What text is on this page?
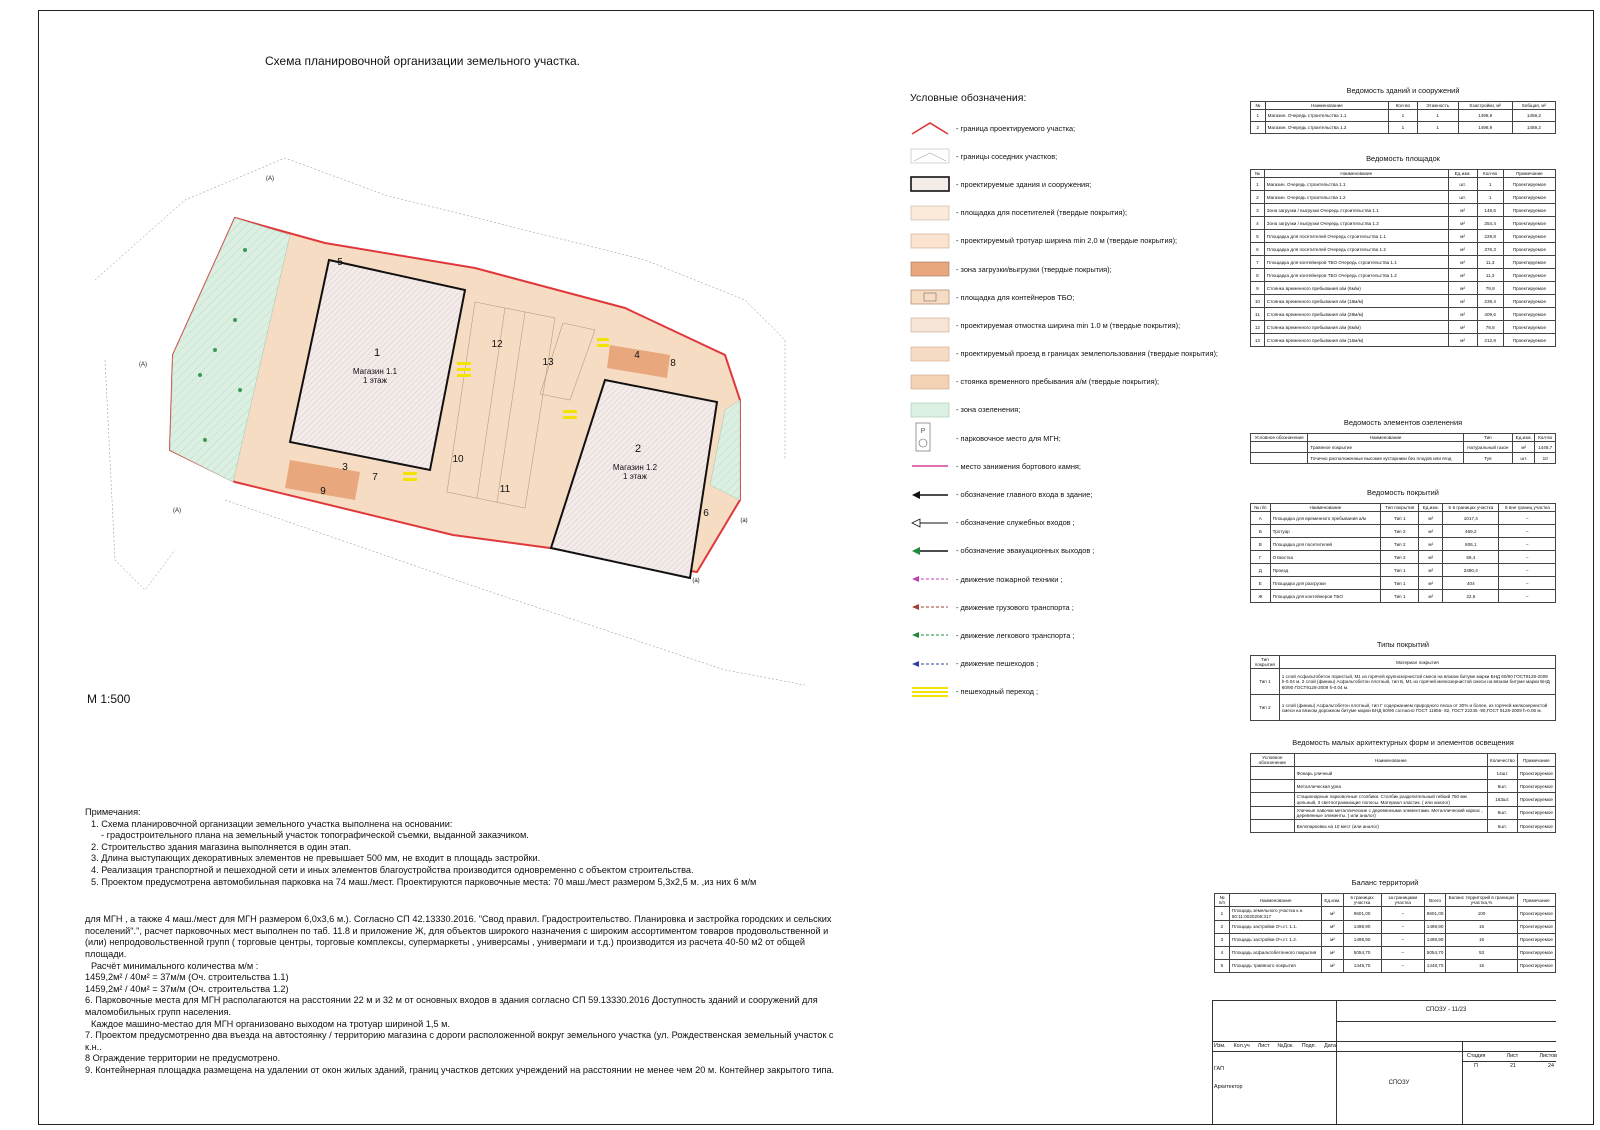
Схема планировочной организации земельного участка.
1
Магазин 1.1
1 этаж
2
Магазин 1.2
1 этаж
3
4
5
7
8
9
10
11
12
13
6
(А)
(А)
(А)
(а)
(а)
М 1:500
Условные обозначения:
- граница проектируемого участка;
- границы соседних участков;
- проектируемые здания и сооружения;
- площадка для посетителей (твердые покрытия);
- проектируемый тротуар ширина min 2,0 м (твердые покрытия);
- зона загрузки/выгрузки (твердые покрытия);
- площадка для контейнеров ТБО;
- проектируемая отмостка ширина min 1.0 м (твердые покрытия);
- проектируемый проезд в границах землепользования (твердые покрытия);
- стоянка временного пребывания а/м (твердые покрытия);
- зона озеленения;
P
- парковочное место для МГН;
- место занижения бортового камня;
- обозначение главного входа в здание;
- обозначение служебных входов ;
- обозначение эвакуационных выходов ;
- движение пожарной техники ;
- движение грузового транспорта ;
- движение легкового транспорта ;
- движение пешеходов ;
- пешеходный переход ;
Ведомость зданий и сооружений
№	Наименование	Кол-во	Этажность	Sзастройки, м²	Sобщая, м²
1	Магазин. Очередь строительства 1.1	1	1	1498,9	1459,2
2	Магазин. Очередь строительства 1.2	1	1	1498,9	1459,2
Ведомость площадок
№	Наименование	Ед.изм.	Кол-во	Примечание
1	Магазин. Очередь строительства 1.1	шт.	1	Проектируемое
2	Магазин. Очередь строительства 1.2	шт.	1	Проектируемое
3	Зона загрузки / выгрузки Очередь строительства 1.1	м²	148,6	Проектируемое
4	Зона загрузки / выгрузки Очередь строительства 1.2	м²	254,4	Проектируемое
5	Площадка для посетителей Очередь строительства 1.1	м²	229,8	Проектируемое
6	Площадка для посетителей Очередь строительства 1.2	м²	376,3	Проектируемое
7	Площадка для контейнеров ТБО Очередь строительства 1.1	м²	11,3	Проектируемое
8	Площадка для контейнеров ТБО Очередь строительства 1.2	м²	11,3	Проектируемое
9	Стоянка временного пребывания а/м (6м/м)	м²	79,8	Проектируемое
10	Стоянка временного пребывания а/м (18м/м)	м²	239,4	Проектируемое
11	Стоянка временного пребывания а/м (28м/м)	м²	409,6	Проектируемое
12	Стоянка временного пребывания а/м (6м/м)	м²	79,8	Проектируемое
13	Стоянка временного пребывания а/м (16м/м)	м²	212,8	Проектируемое
Ведомость элементов озеленения
Условное обозначение	Наименование	Тип	Ед.изм.	Кол-во
	Травяное покрытие	Натуральный газон	м²	1448,7
	Точечно расположенные высокие кустарники без плодов или ягод	Туя	шт.	10
Ведомость покрытий
№ п/п	Наименование	Тип покрытия	Ед.изм.	S в границах участка	S вне границ участка
А	Площадка для временного пребывания а/м	Тип 1	м²	1017,4	–
Б	Тротуар	Тип 2	м²	469,2	–
В	Площадка для посетителей	Тип 2	м²	606,1	–
Г	Отмостка	Тип 2	м²	59,4	–
Д	Проезд	Тип 1	м²	2480,4	–
Е	Площадка для разгрузки	Тип 1	м²	404	–
Ж	Площадка для контейнеров ТБО	Тип 1	м²	22,6	–
Типы покрытий
Тип покрытия	Материал покрытия
Тип 1	1 слой Асфальтобетон пористый, М1 из горячей крупнозернистой смеси на вязком битуме марки БНД 60/90 ГОСТ9128-2009 h-0.04 м. 2 слой (финиш) Асфальтобетон плотный, тип Б, М1 из горячей мелкозернистой смеси на вязком битуме марки БНД 60/90 ГОСТ9128-2009 h-0.04 м.
Тип 2	1 слой (финиш) Асфальтобетон плотный, тип Г содержанием природного песка от 30% и более, из горячей мелкозернистой смеси на вязком дорожном битуме марки БНД 60/90 согласно ГОСТ 11955- 82, ГОСТ 22245 -90,ГОСТ 9128-2009 h-0.06 м.
Ведомость малых архитектурных форм и элементов освещения
Условное обозначение	Наименование	Количество	Примечание
	Фонарь уличный	14шт.	Проектируемое
	Металлическая урна	8шт.	Проектируемое
	Стационарные парковочные столбики. Столбик разделительный гибкий 750 мм цельный, 3 светоотражающие полосы. Материал эластик. ( или аналог)	163шт.	Проектируемое
	Уличные лавочки металлические с деревянными элементами. Металлический каркас , деревянные элементы. ( или аналог)	8шт.	Проектируемое
	Велопарковка на 10 мест (или аналог)	5шт.	Проектируемое
Баланс территорий
№ п/п	Наименование	Ед.изм.	в границах участка	за границами участка	Всего	Баланс территорий в границах участка,%	Примечание
1	Площадь земельного участка к.н. 50:11:0020206:317	м²	9601,00	–	9601,00	100	Проектируемое
2	Площадь застройки Оч.ст. 1.1.	м²	1498,90	–	1498,90	16	Проектируемое
3	Площадь застройки Оч.ст. 1.2.	м²	1498,90	–	1498,90	16	Проектируемое
4	Площадь асфальтобетонного покрытия	м²	5054,70	–	5054,70	53	Проектируемое
5	Площадь травяного покрытия	м²	1448,70	–	1448,70	15	Проектируемое
СПОЗУ - 11/23
Изм. Кол.уч Лист №Док. Подп. Дата
Стадия	Лист	Листов
П	21	24
ГАП
Архитектор
СПОЗУ

Примечания:

1. Схема планировочной организации земельного участка выполнена на основании:

- градостроительного плана на земельный участок топографической съемки, выданной заказчиком.

2. Строительство здания магазина выполняется в один этап.

3. Длина выступающих декоративных элементов не превышает 500 мм, не входит в площадь застройки.

4. Реализация транспортной и пешеходной сети и иных элементов благоустройства производится одновременно с объектом строительства.

5. Проектом предусмотрена автомобильная парковка на 74 маш./мест. Проектируются парковочные места: 70 маш./мест размером 5,3х2,5 м. ,из них 6 м/м

для МГН , а также 4 маш./мест для МГН размером 6,0х3,6 м.). Согласно СП 42.13330.2016. "Свод правил. Градостроительство. Планировка и застройка городских и сельских поселений".", расчет парковочных мест выполнен по таб. 11.8 и приложение Ж, для объектов широкого назначения с широким ассортиментом товаров продовольственной и (или) непродовольственной групп ( торговые центры, торговые комплексы, супермаркеты , универсамы , универмаги и т.д.) производится из расчета 40-50 м2 от общей площади.

Расчёт минимального количества м/м :

1459,2м² / 40м² = 37м/м (Оч. строительства 1.1)

1459,2м² / 40м² = 37м/м (Оч. строительства 1.2)

6. Парковочные места для МГН располагаются на расстоянии 22 м и 32 м от основных входов в здания согласно СП 59.13330.2016 Доступность зданий и сооружений для маломобильных групп населения.

Каждое машино-местао для МГН организовано выходом на тротуар шириной 1,5 м.

7. Проектом предусмотренно два въезда на автостоянку / территорию магазина с дороги расположенной вокруг земельного участка (ул. Рождественская земельный участок с к.н..

8 Ограждение территории не предусмотрено.

9. Контейнерная площадка размещена на удалении от окон жилых зданий, границ участков детских учреждений на расстоянии не менее чем 20 м. Контейнер закрытого типа.
